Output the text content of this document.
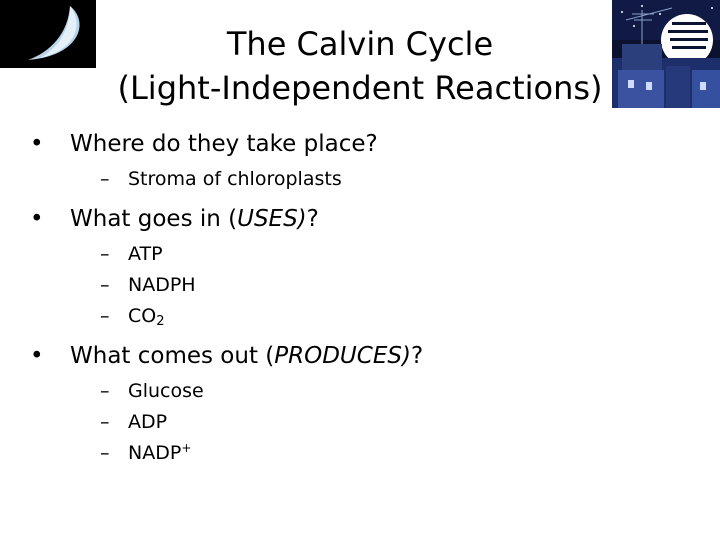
The Calvin Cycle
(Light-Independent Reactions)

• Where do they take place?

– Stroma of chloroplasts

• What goes in (USES)?

– ATP

– NADPH

– $CO_2$

• What comes out (PRODUCES)?

– Glucose

– ADP

– NADP+
